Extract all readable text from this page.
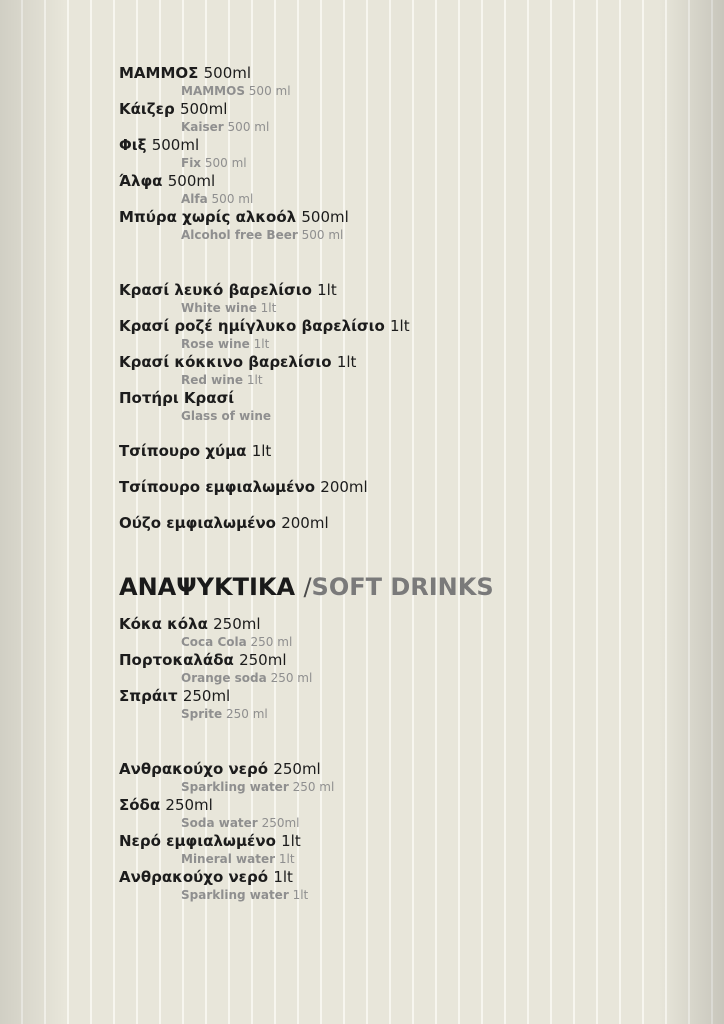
ΜΑΜΜΟΣ 500ml
MAMMOS 500 ml
Κάιζερ 500ml
Kaiser 500 ml
Φιξ 500ml
Fix 500 ml
Άλφα 500ml
Alfa 500 ml
Μπύρα χωρίς αλκοόλ 500ml
Alcohol free Beer 500 ml
Κρασί λευκό βαρελίσιο 1lt
White wine 1lt
Κρασί ροζέ ημίγλυκο βαρελίσιο 1lt
Rose wine 1lt
Κρασί κόκκινο βαρελίσιο 1lt
Red wine 1lt
Ποτήρι Κρασί
Glass of wine
Τσίπουρο χύμα 1lt
Τσίπουρο εμφιαλωμένο 200ml
Ούζο εμφιαλωμένο 200ml
ΑΝΑΨΥΚΤΙΚΑ /SOFT DRINKS
Κόκα κόλα 250ml
Coca Cola 250 ml
Πορτοκαλάδα 250ml
Orange soda 250 ml
Σπράιτ 250ml
Sprite 250 ml
Ανθρακούχο νερό 250ml
Sparkling water 250 ml
Σόδα 250ml
Soda water 250ml
Νερό εμφιαλωμένο 1lt
Mineral water 1lt
Ανθρακούχο νερό 1lt
Sparkling water 1lt
